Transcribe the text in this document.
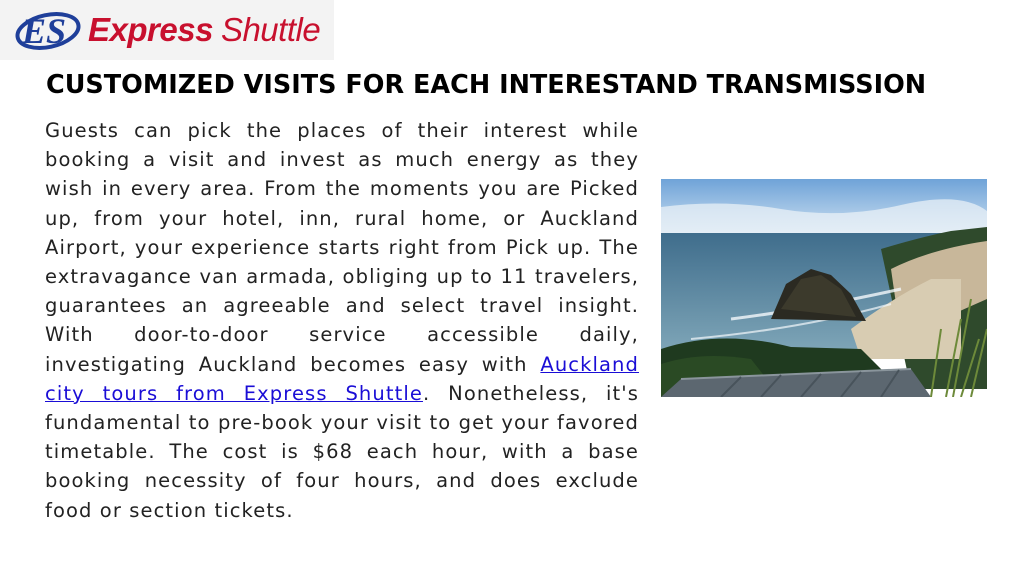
ES Express Shuttle
CUSTOMIZED VISITS FOR EACH INTERESTAND TRANSMISSION
Guests can pick the places of their interest while booking a visit and invest as much energy as they wish in every area. From the moments you are Picked up, from your hotel, inn, rural home, or Auckland Airport, your experience starts right from Pick up. The extravagance van armada, obliging up to 11 travelers, guarantees an agreeable and select travel insight. With door-to-door service accessible daily, investigating Auckland becomes easy with Auckland city tours from Express Shuttle. Nonetheless, it's fundamental to pre-book your visit to get your favored timetable. The cost is $68 each hour, with a base booking necessity of four hours, and does exclude food or section tickets.
